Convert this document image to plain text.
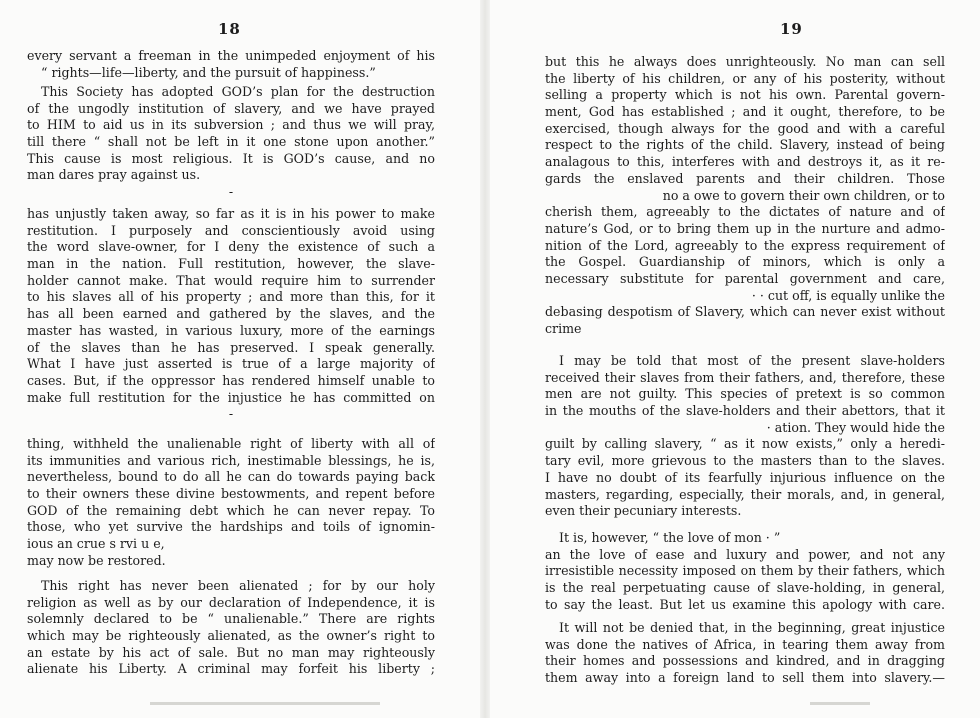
18
every servant a freeman in the unimpeded enjoyment of his
“ rights—life—liberty, and the pursuit of happiness.”
This Society has adopted GOD’s plan for the destruction
of the ungodly institution of slavery, and we have prayed
to HIM to aid us in its subversion ; and thus we will pray,
till there “ shall not be left in it one stone upon another.”
This cause is most religious. It is GOD’s cause, and no
man dares pray against us.
-
has unjustly taken away, so far as it is in his power to make
restitution. I purposely and conscientiously avoid using
the word slave-owner, for I deny the existence of such a
man in the nation. Full restitution, however, the slave-
holder cannot make. That would require him to surrender
to his slaves all of his property ; and more than this, for it
has all been earned and gathered by the slaves, and the
master has wasted, in various luxury, more of the earnings
of the slaves than he has preserved. I speak generally.
What I have just asserted is true of a large majority of
cases. But, if the oppressor has rendered himself unable to
make full restitution for the injustice he has committed on
-
thing, withheld the unalienable right of liberty with all of
its immunities and various rich, inestimable blessings, he is,
nevertheless, bound to do all he can do towards paying back
to their owners these divine bestowments, and repent before
GOD of the remaining debt which he can never repay. To
those, who yet survive the hardships and toils of ignomin-
ious an crue s rvi u e,
may now be restored.
This right has never been alienated ; for by our holy
religion as well as by our declaration of Independence, it is
solemnly declared to be “ unalienable.” There are rights
which may be righteously alienated, as the owner’s right to
an estate by his act of sale. But no man may righteously
alienate his Liberty. A criminal may forfeit his liberty ;
19
but this he always does unrighteously. No man can sell
the liberty of his children, or any of his posterity, without
selling a property which is not his own. Parental govern-
ment, God has established ; and it ought, therefore, to be
exercised, though always for the good and with a careful
respect to the rights of the child. Slavery, instead of being
analagous to this, interferes with and destroys it, as it re-
gards the enslaved parents and their children. Those
no a owe to govern their own children, or to
cherish them, agreeably to the dictates of nature and of
nature’s God, or to bring them up in the nurture and admo-
nition of the Lord, agreeably to the express requirement of
the Gospel. Guardianship of minors, which is only a
necessary substitute for parental government and care,
· · cut off, is equally unlike the
debasing despotism of Slavery, which can never exist without
crime
I may be told that most of the present slave-holders
received their slaves from their fathers, and, therefore, these
men are not guilty. This species of pretext is so common
in the mouths of the slave-holders and their abettors, that it
· ation. They would hide the
guilt by calling slavery, “ as it now exists,” only a heredi-
tary evil, more grievous to the masters than to the slaves.
I have no doubt of its fearfully injurious influence on the
masters, regarding, especially, their morals, and, in general,
even their pecuniary interests.
It is, however, “ the love of mon · ”
an the love of ease and luxury and power, and not any
irresistible necessity imposed on them by their fathers, which
is the real perpetuating cause of slave-holding, in general,
to say the least. But let us examine this apology with care.
It will not be denied that, in the beginning, great injustice
was done the natives of Africa, in tearing them away from
their homes and possessions and kindred, and in dragging
them away into a foreign land to sell them into slavery.—
